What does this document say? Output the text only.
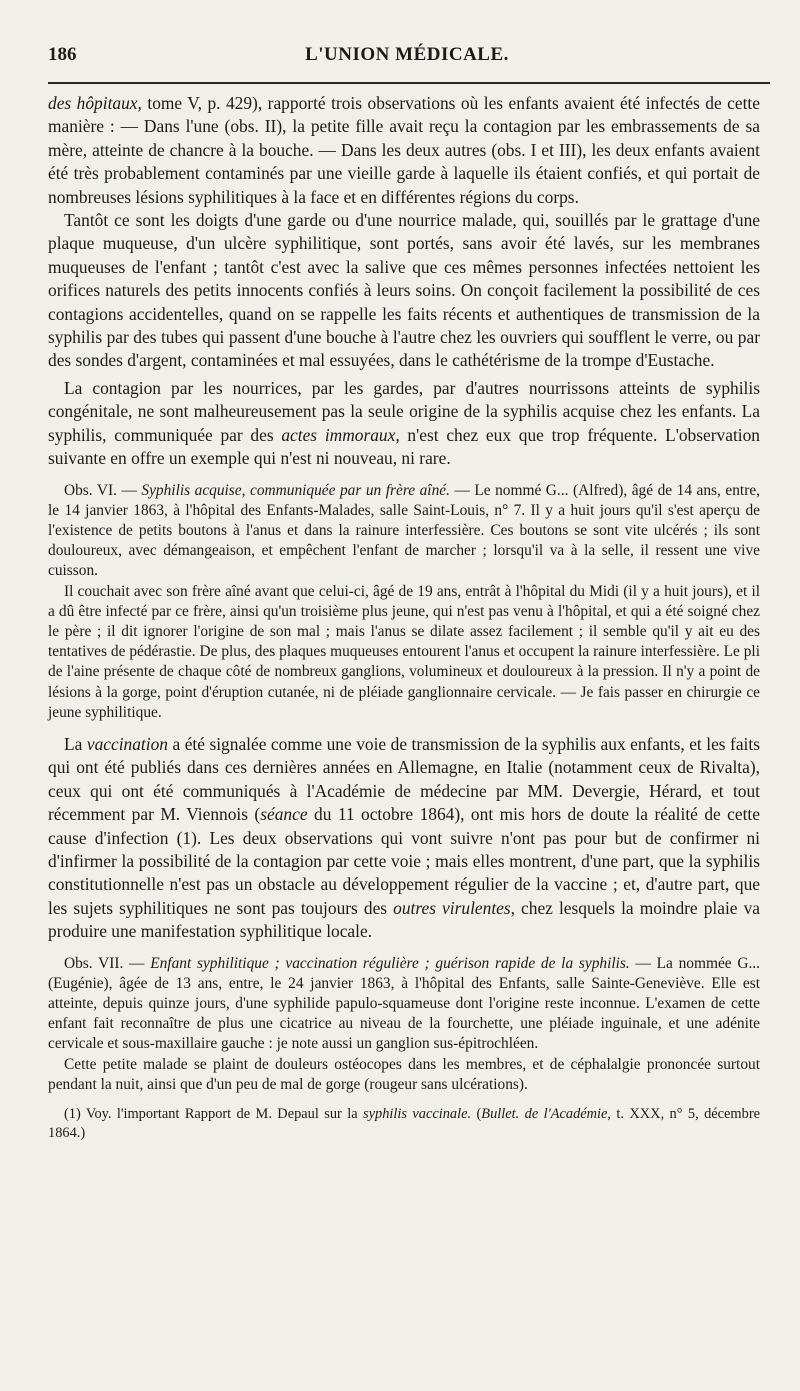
186	L'UNION MÉDICALE.

des hôpitaux, tome V, p. 429), rapporté trois observations où les enfants avaient été infectés de cette manière : — Dans l'une (obs. II), la petite fille avait reçu la contagion par les embrassements de sa mère, atteinte de chancre à la bouche. — Dans les deux autres (obs. I et III), les deux enfants avaient été très probablement contaminés par une vieille garde à laquelle ils étaient confiés, et qui portait de nombreuses lésions syphilitiques à la face et en différentes régions du corps.

Tantôt ce sont les doigts d'une garde ou d'une nourrice malade, qui, souillés par le grattage d'une plaque muqueuse, d'un ulcère syphilitique, sont portés, sans avoir été lavés, sur les membranes muqueuses de l'enfant ; tantôt c'est avec la salive que ces mêmes personnes infectées nettoient les orifices naturels des petits innocents confiés à leurs soins. On conçoit facilement la possibilité de ces contagions accidentelles, quand on se rappelle les faits récents et authentiques de transmission de la syphilis par des tubes qui passent d'une bouche à l'autre chez les ouvriers qui soufflent le verre, ou par des sondes d'argent, contaminées et mal essuyées, dans le cathétérisme de la trompe d'Eustache.

La contagion par les nourrices, par les gardes, par d'autres nourrissons atteints de syphilis congénitale, ne sont malheureusement pas la seule origine de la syphilis acquise chez les enfants. La syphilis, communiquée par des actes immoraux, n'est chez eux que trop fréquente. L'observation suivante en offre un exemple qui n'est ni nouveau, ni rare.

Obs. VI. — Syphilis acquise, communiquée par un frère aîné. — Le nommé G... (Alfred), âgé de 14 ans, entre, le 14 janvier 1863, à l'hôpital des Enfants-Malades, salle Saint-Louis, n° 7. Il y a huit jours qu'il s'est aperçu de l'existence de petits boutons à l'anus et dans la rainure interfessière. Ces boutons se sont vite ulcérés ; ils sont douloureux, avec démangeaison, et empêchent l'enfant de marcher ; lorsqu'il va à la selle, il ressent une vive cuisson.

Il couchait avec son frère aîné avant que celui-ci, âgé de 19 ans, entrât à l'hôpital du Midi (il y a huit jours), et il a dû être infecté par ce frère, ainsi qu'un troisième plus jeune, qui n'est pas venu à l'hôpital, et qui a été soigné chez le père ; il dit ignorer l'origine de son mal ; mais l'anus se dilate assez facilement ; il semble qu'il y ait eu des tentatives de pédérastie. De plus, des plaques muqueuses entourent l'anus et occupent la rainure interfessière. Le pli de l'aine présente de chaque côté de nombreux ganglions, volumineux et douloureux à la pression. Il n'y a point de lésions à la gorge, point d'éruption cutanée, ni de pléiade ganglionnaire cervicale. — Je fais passer en chirurgie ce jeune syphilitique.

La vaccination a été signalée comme une voie de transmission de la syphilis aux enfants, et les faits qui ont été publiés dans ces dernières années en Allemagne, en Italie (notamment ceux de Rivalta), ceux qui ont été communiqués à l'Académie de médecine par MM. Devergie, Hérard, et tout récemment par M. Viennois (séance du 11 octobre 1864), ont mis hors de doute la réalité de cette cause d'infection (1). Les deux observations qui vont suivre n'ont pas pour but de confirmer ni d'infirmer la possibilité de la contagion par cette voie ; mais elles montrent, d'une part, que la syphilis constitutionnelle n'est pas un obstacle au développement régulier de la vaccine ; et, d'autre part, que les sujets syphilitiques ne sont pas toujours des outres virulentes, chez lesquels la moindre plaie va produire une manifestation syphilitique locale.

Obs. VII. — Enfant syphilitique ; vaccination régulière ; guérison rapide de la syphilis. — La nommée G... (Eugénie), âgée de 13 ans, entre, le 24 janvier 1863, à l'hôpital des Enfants, salle Sainte-Geneviève. Elle est atteinte, depuis quinze jours, d'une syphilide papulo-squameuse dont l'origine reste inconnue. L'examen de cette enfant fait reconnaître de plus une cicatrice au niveau de la fourchette, une pléiade inguinale, et une adénite cervicale et sous-maxillaire gauche : je note aussi un ganglion sus-épitrochléen.

Cette petite malade se plaint de douleurs ostéocopes dans les membres, et de céphalalgie prononcée surtout pendant la nuit, ainsi que d'un peu de mal de gorge (rougeur sans ulcérations).

(1) Voy. l'important Rapport de M. Depaul sur la syphilis vaccinale. (Bullet. de l'Académie, t. XXX, n° 5, décembre 1864.)
